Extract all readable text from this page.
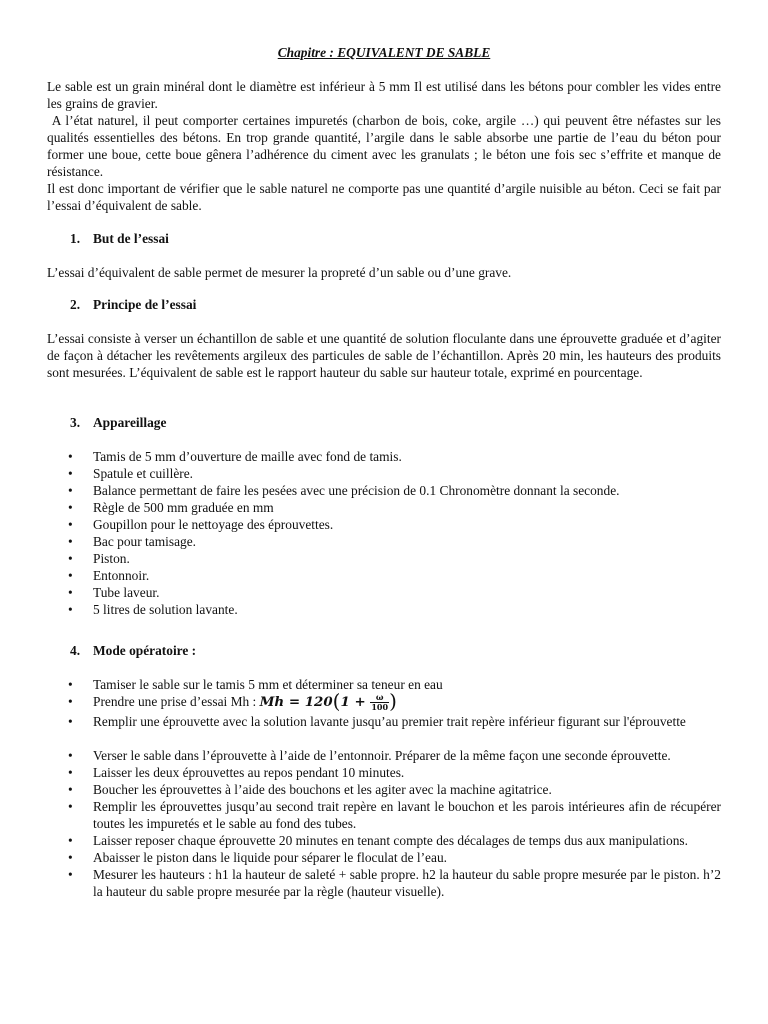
Chapitre : EQUIVALENT DE SABLE

Le sable est un grain minéral dont le diamètre est inférieur à 5 mm Il est utilisé dans les bétons pour combler les vides entre les grains de gravier.

A l’état naturel, il peut comporter certaines impuretés (charbon de bois, coke, argile …) qui peuvent être néfastes sur les qualités essentielles des bétons. En trop grande quantité, l’argile dans le sable absorbe une partie de l’eau du béton pour former une boue, cette boue gênera l’adhérence du ciment avec les granulats ; le béton une fois sec s’effrite et manque de résistance.

Il est donc important de vérifier que le sable naturel ne comporte pas une quantité d’argile nuisible au béton. Ceci se fait par l’essai d’équivalent de sable.

1. But de l’essai
L’essai d’équivalent de sable permet de mesurer la propreté d’un sable ou d’une grave.
2. Principe de l’essai
L’essai consiste à verser un échantillon de sable et une quantité de solution floculante dans une éprouvette graduée et d’agiter de façon à détacher les revêtements argileux des particules de sable de l’échantillon. Après 20 min, les hauteurs des produits sont mesurées. L’équivalent de sable est le rapport hauteur du sable sur hauteur totale, exprimé en pourcentage.
3. Appareillage
• Tamis de 5 mm d’ouverture de maille avec fond de tamis.
• Spatule et cuillère.
• Balance permettant de faire les pesées avec une précision de 0.1 Chronomètre donnant la seconde.
• Règle de 500 mm graduée en mm
• Goupillon pour le nettoyage des éprouvettes.
• Bac pour tamisage.
• Piston.
• Entonnoir.
• Tube laveur.
• 5 litres de solution lavante.
4. Mode opératoire :
• Tamiser le sable sur le tamis 5 mm et déterminer sa teneur en eau
• Prendre une prise d’essai Mh : $Mh = 120(1 + \frac{\omega}{100}$ )
• Remplir une éprouvette avec la solution lavante jusqu’au premier trait repère inférieur figurant sur l'éprouvette
• Verser le sable dans l’éprouvette à l’aide de l’entonnoir. Préparer de la même façon une seconde éprouvette.
• Laisser les deux éprouvettes au repos pendant 10 minutes.
• Boucher les éprouvettes à l’aide des bouchons et les agiter avec la machine agitatrice.
• Remplir les éprouvettes jusqu’au second trait repère en lavant le bouchon et les parois intérieures afin de récupérer toutes les impuretés et le sable au fond des tubes.
• Laisser reposer chaque éprouvette 20 minutes en tenant compte des décalages de temps dus aux manipulations.
• Abaisser le piston dans le liquide pour séparer le floculat de l’eau.
• Mesurer les hauteurs : h1 la hauteur de saleté + sable propre. h2 la hauteur du sable propre mesurée par le piston. h’2 la hauteur du sable propre mesurée par la règle (hauteur visuelle).
